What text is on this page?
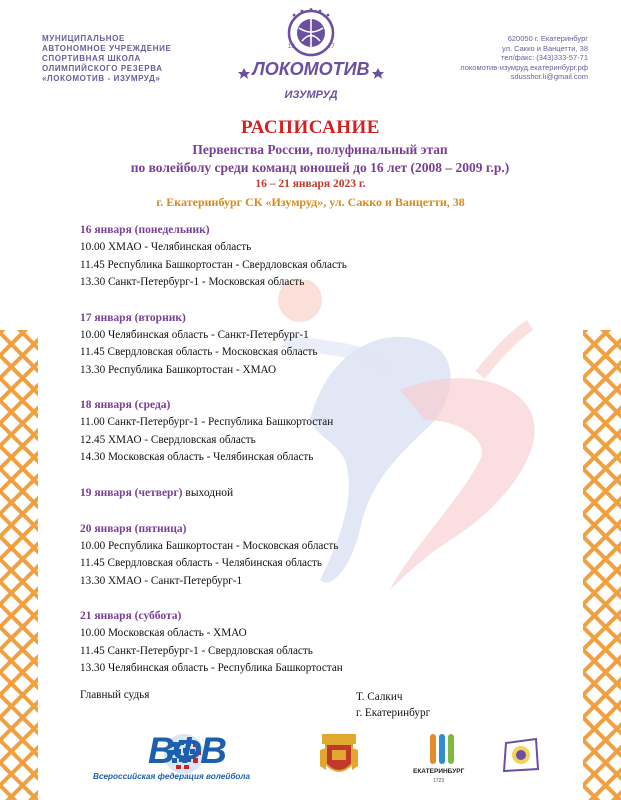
МУНИЦИПАЛЬНОЕ
АВТОНОМНОЕ УЧРЕЖДЕНИЕ
СПОРТИВНАЯ ШКОЛА
ОЛИМПИЙСКОГО РЕЗЕРВА
«ЛОКОМОТИВ - ИЗУМРУД»
19	77
ЛОКОМОТИВ
ИЗУМРУД
620050 г. Екатеринбург
ул. Сакко и Ванцетти, 38
тел/факс: (343)333-57-71
локомотив-изумруд.екатеринбург.рф
sdusshor.li@gmail.com
РАСПИСАНИЕ
Первенства России, полуфинальный этап
по волейболу среди команд юношей до 16 лет (2008 – 2009 г.р.)
16 – 21 января 2023 г.
г. Екатеринбург СК «Изумруд», ул. Сакко и Ванцетти, 38
16 января (понедельник)
10.00 ХМАО - Челябинская область
11.45 Республика Башкортостан - Свердловская область
13.30 Санкт-Петербург-1 - Московская область
17 января (вторник)
10.00 Челябинская область - Санкт-Петербург-1
11.45 Свердловская область - Московская область
13.30 Республика Башкортостан - ХМАО
18 января (среда)
11.00 Санкт-Петербург-1 - Республика Башкортостан
12.45 ХМАО - Свердловская область
14.30 Московская область - Челябинская область
19 января (четверг) выходной
20 января (пятница)
10.00 Республика Башкортостан - Московская область
11.45 Свердловская область - Челябинская область
13.30 ХМАО - Санкт-Петербург-1
21 января (суббота)
10.00 Московская область - ХМАО
11.45 Санкт-Петербург-1 - Свердловская область
13.30 Челябинская область - Республика Башкортостан
Главный судья	Т. Салкич
г. Екатеринбург
ВФВ
Всероссийская федерация волейбола
ЕКАТЕРИНБУРГ
1723
